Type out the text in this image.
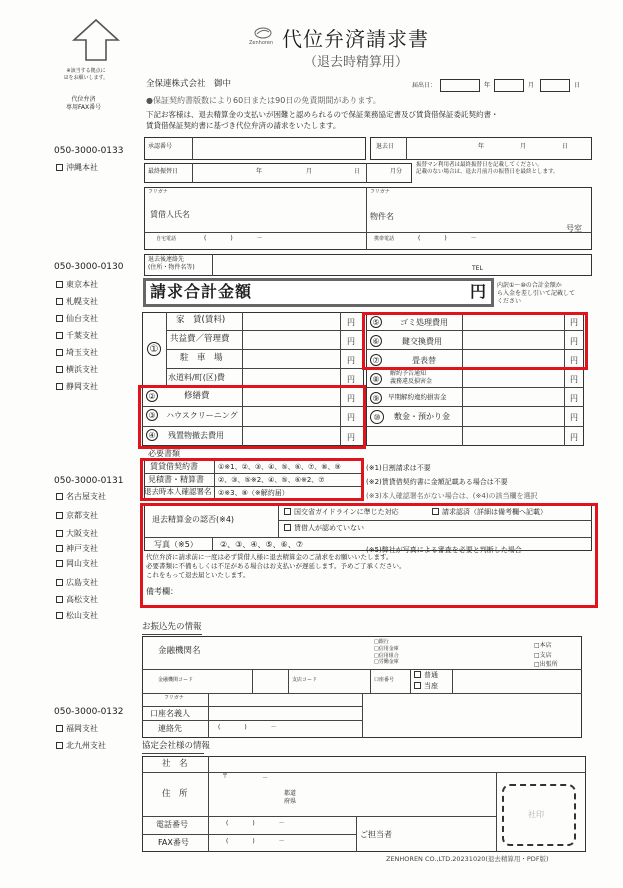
※該当する拠点に
☑をお願いします。
代位弁済
専用FAX番号
050-3000-0133
沖縄本社
050-3000-0130
東京本社
札幌支社
仙台支社
千葉支社
埼玉支社
横浜支社
静岡支社
050-3000-0131
名古屋支社
京都支社
大阪支社
神戸支社
岡山支社
広島支社
高松支社
松山支社
050-3000-0132
福岡支社
北九州支社
Zenhoren 代位弁済請求書
（退去時精算用）
届出日：	年	月	日
全保連株式会社　御中
●保証契約書版数により60日または90日の免責期間があります。
下記お客様は、退去精算金の支払いが困難と認められるので保証業務協定書及び賃貸借保証委託契約書・
賃貸借保証契約書に基づき代位弁済の請求をいたします。
承認番号	退去日	年	月	日
最終振替日	年	月	日	月分
振替マン利用者は最終振替日を記載してください。
記載のない場合は、退去月前月の振替日を最終とします。
フリガナ
賃借人氏名
自宅電話	(　　　　)　　　　－
フリガナ
物件名
号室
携帯電話	(　　　　)　　　　－
退去後連絡先
(住所・物件名等)	TEL
請求合計金額	円 内訳①～⑩の合計金額か
ら入金を差し引いて記載して
ください
①
家　賃(賃料)	円
共益費／管理費	円
駐　車　場	円
水道料/町(区)費	円
②	修繕費	円
③	ハウスクリーニング	円
④	残置物撤去費用	円
⑤	ゴミ処理費用	円
⑥	鍵交換費用	円
⑦	畳表替	円
⑧
解約予告通知
義務違反損害金	円
⑨	早期解約違約損害金	円
⑩	敷金・預かり金	円
円
必要書類
賃貸借契約書	①※1、②、③、④、⑤、⑥、⑦、⑧、⑨
見積書・精算書 ②、③、⑤※2、④、⑤、⑥※2、⑦
退去時本人確認署名 ②※3、⑧（※解約届）
(※1)日割請求は不要
(※2)賃貸借契約書に金額記載ある場合は不要
(※3)本人確認署名がない場合は、(※4)の該当欄を選択
退去精算金の認否(※4)
国交省ガイドラインに準じた対応	請求認済（詳細は備考欄へ記載）
賃借人が認めていない
写真（※5）	②、③、④、⑤、⑥、⑦
(※5)弊社が写真による審査を必要と判断した場合
代位弁済に請求前に一度は必ず賃借人様に退去精算金のご請求をお願いいたします。
必要書類に不備もしくは不足がある場合はお支払いが遅延します。予めご了承ください。
これをもって退去届といたします。
備考欄：
お振込先の情報
金融機関名
□銀行
□信用金庫
□信用組合
□労働金庫
□本店
□支店
□出張所
金融機関コード	支店コード	口座番号
普通
当座
フリガナ
口座名義人
連絡先	(　　　　)　　　　－
協定会社様の情報
社　名
住　所
〒	－
都道
府県
電話番号	(　　　　)　　　　－
FAX番号	(　　　　)　　　　－
ご担当者
社印
ZENHOREN CO.,LTD.20231020(退去精算用・PDF版)
